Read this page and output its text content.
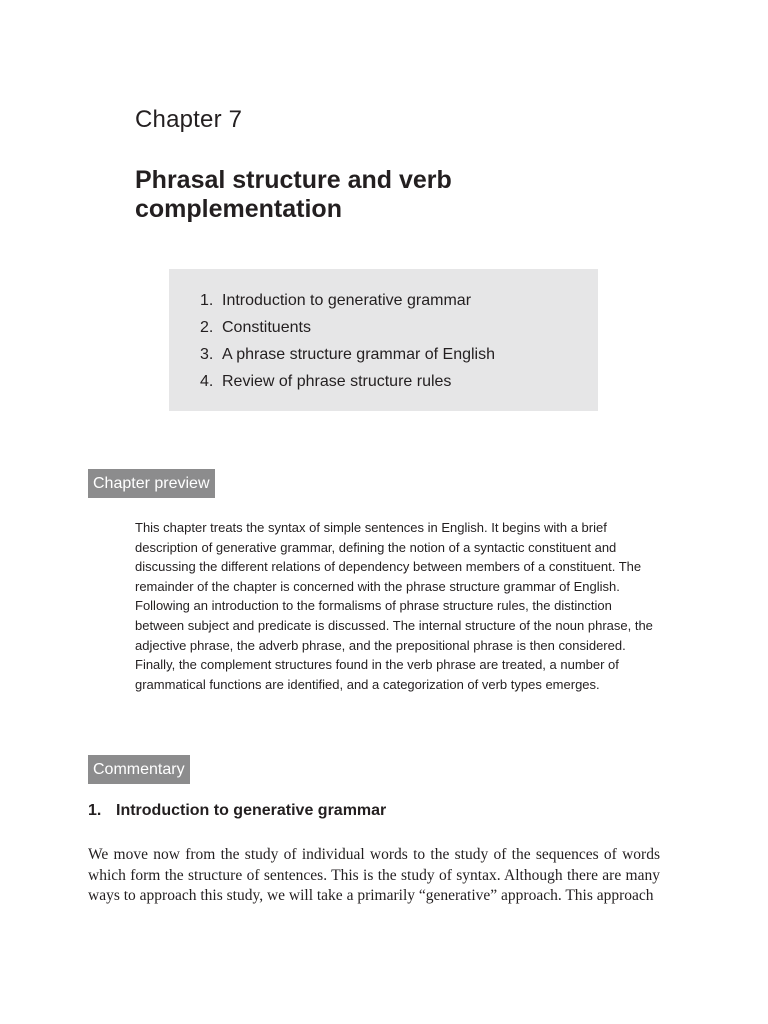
Chapter 7
Phrasal structure and verb complementation
1. Introduction to generative grammar
2. Constituents
3. A phrase structure grammar of English
4. Review of phrase structure rules
Chapter preview

This chapter treats the syntax of simple sentences in English. It begins with a brief description of generative grammar, defining the notion of a syntactic constituent and discussing the different relations of dependency between members of a constituent. The remainder of the chapter is concerned with the phrase structure grammar of English. Following an introduction to the formalisms of phrase structure rules, the distinction between subject and predicate is discussed. The internal structure of the noun phrase, the adjective phrase, the adverb phrase, and the prepositional phrase is then considered. Finally, the complement structures found in the verb phrase are treated, a number of grammatical functions are identified, and a categorization of verb types emerges.

Commentary
1. Introduction to generative grammar

We move now from the study of individual words to the study of the sequences of words which form the structure of sentences. This is the study of syntax. Although there are many ways to approach this study, we will take a primarily “generative” approach. This approach
